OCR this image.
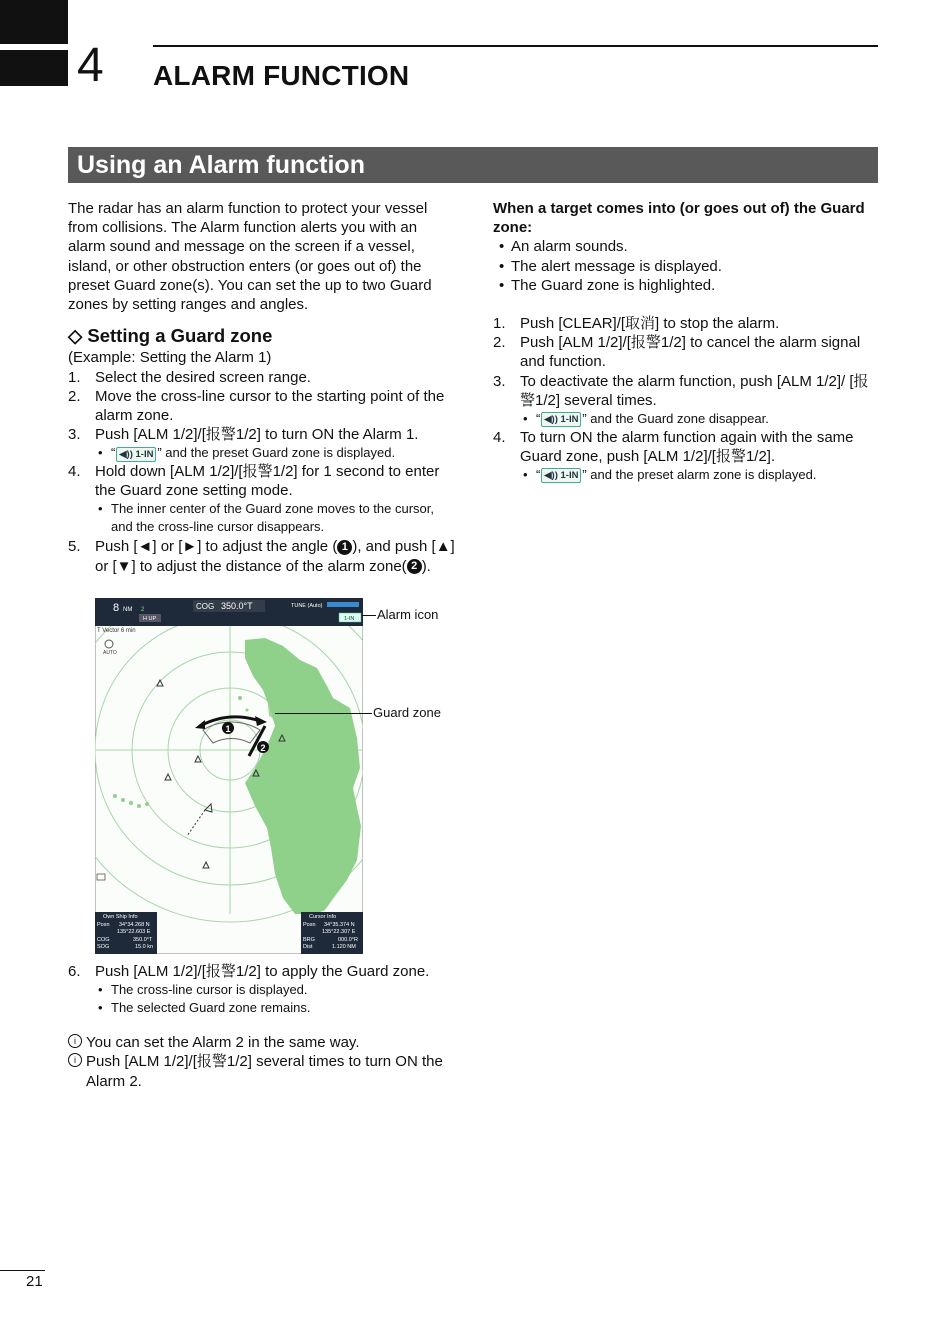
4 ALARM FUNCTION
Using an Alarm function

The radar has an alarm function to protect your vessel from collisions. The Alarm function alerts you with an alarm sound and message on the screen if a vessel, island, or other obstruction enters (or goes out of) the preset Guard zone(s). You can set the up to two Guard zones by setting ranges and angles.

◇ Setting a Guard zone

(Example: Setting the Alarm 1)

1. Select the desired screen range.
2. Move the cross-line cursor to the starting point of the alarm zone.
3. Push [ALM 1/2]/[报警1/2] to turn ON the Alarm 1.
• “ ◀)) 1-IN ” and the preset Guard zone is displayed.
4. Hold down [ALM 1/2]/[报警1/2] for 1 second to enter the Guard zone setting mode.
• The inner center of the Guard zone moves to the cursor, and the cross-line cursor disappears.
5. Push [◄] or [►] to adjust the angle ( 1 ), and push [▲] or [▼] to adjust the distance of the alarm zone( 2 ).
1
2
8 NM 2
H UP
COG 350.0°T	TUNE (Auto)
1-IN
T Vector 6 min
AUTO
Own Ship Info
Posn 34°34.268 N
135°22.603 E
COG	350.0°T
SOG	15.0 kn
Cursor Info
Posn 34°35.374 N
135°22.307 E
BRG	000.0°R
Dist	1.120 NM
Alarm icon
Guard zone
6. Push [ALM 1/2]/[报警1/2] to apply the Guard zone.
• The cross-line cursor is displayed.
• The selected Guard zone remains.
i You can set the Alarm 2 in the same way.
i Push [ALM 1/2]/[报警1/2] several times to turn ON the Alarm 2.

When a target comes into (or goes out of) the Guard zone:

• An alarm sounds.
• The alert message is displayed.
• The Guard zone is highlighted.
1. Push [CLEAR]/[取消] to stop the alarm.
2. Push [ALM 1/2]/[报警1/2] to cancel the alarm signal and function.
3. To deactivate the alarm function, push [ALM 1/2]/ [报警1/2] several times.
• “ ◀)) 1-IN ” and the Guard zone disappear.
4. To turn ON the alarm function again with the same Guard zone, push [ALM 1/2]/[报警1/2].
• “ ◀)) 1-IN ” and the preset alarm zone is displayed.
21
